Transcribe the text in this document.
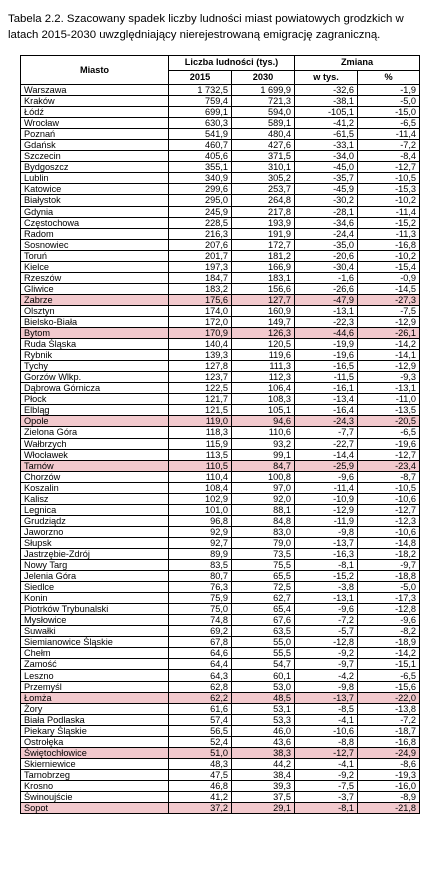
Tabela 2.2. Szacowany spadek liczby ludności miast powiatowych grodzkich w latach 2015-2030 uwzględniający nierejestrowaną emigrację zagraniczną.
Miasto	Liczba ludności (tys.)		Zmiana	
	2015	2030	w tys.	%
Warszawa	1 732,5	1 699,9	-32,6	-1,9
Kraków	759,4	721,3	-38,1	-5,0
Łódź	699,1	594,0	-105,1	-15,0
Wrocław	630,3	589,1	-41,2	-6,5
Poznań	541,9	480,4	-61,5	-11,4
Gdańsk	460,7	427,6	-33,1	-7,2
Szczecin	405,6	371,5	-34,0	-8,4
Bydgoszcz	355,1	310,1	-45,0	-12,7
Lublin	340,9	305,2	-35,7	-10,5
Katowice	299,6	253,7	-45,9	-15,3
Białystok	295,0	264,8	-30,2	-10,2
Gdynia	245,9	217,8	-28,1	-11,4
Częstochowa	228,5	193,9	-34,6	-15,2
Radom	216,3	191,9	-24,4	-11,3
Sosnowiec	207,6	172,7	-35,0	-16,8
Toruń	201,7	181,2	-20,6	-10,2
Kielce	197,3	166,9	-30,4	-15,4
Rzeszów	184,7	183,1	-1,6	-0,9
Gliwice	183,2	156,6	-26,6	-14,5
Zabrze	175,6	127,7	-47,9	-27,3
Olsztyn	174,0	160,9	-13,1	-7,5
Bielsko-Biała	172,0	149,7	-22,3	-12,9
Bytom	170,9	126,3	-44,6	-26,1
Ruda Śląska	140,4	120,5	-19,9	-14,2
Rybnik	139,3	119,6	-19,6	-14,1
Tychy	127,8	111,3	-16,5	-12,9
Gorzów Wlkp.	123,7	112,3	-11,5	-9,3
Dąbrowa Górnicza	122,5	106,4	-16,1	-13,1
Płock	121,7	108,3	-13,4	-11,0
Elbląg	121,5	105,1	-16,4	-13,5
Opole	119,0	94,6	-24,3	-20,5
Zielona Góra	118,3	110,6	-7,7	-6,5
Wałbrzych	115,9	93,2	-22,7	-19,6
Włocławek	113,5	99,1	-14,4	-12,7
Tarnów	110,5	84,7	-25,9	-23,4
Chorzów	110,4	100,8	-9,6	-8,7
Koszalin	108,4	97,0	-11,4	-10,5
Kalisz	102,9	92,0	-10,9	-10,6
Legnica	101,0	88,1	-12,9	-12,7
Grudziądz	96,8	84,8	-11,9	-12,3
Jaworzno	92,9	83,0	-9,8	-10,6
Słupsk	92,7	79,0	-13,7	-14,8
Jastrzębie-Zdrój	89,9	73,5	-16,3	-18,2
Nowy Targ	83,5	75,5	-8,1	-9,7
Jelenia Góra	80,7	65,5	-15,2	-18,8
Siedlce	76,3	72,5	-3,8	-5,0
Konin	75,9	62,7	-13,1	-17,3
Piotrków Trybunalski	75,0	65,4	-9,6	-12,8
Mysłowice	74,8	67,6	-7,2	-9,6
Suwałki	69,2	63,5	-5,7	-8,2
Siemianowice Śląskie	67,8	55,0	-12,8	-18,9
Chełm	64,6	55,5	-9,2	-14,2
Zamość	64,4	54,7	-9,7	-15,1
Leszno	64,3	60,1	-4,2	-6,5
Przemyśl	62,8	53,0	-9,8	-15,6
Łomża	62,2	48,5	-13,7	-22,0
Żory	61,6	53,1	-8,5	-13,8
Biała Podlaska	57,4	53,3	-4,1	-7,2
Piekary Śląskie	56,5	46,0	-10,6	-18,7
Ostrołęka	52,4	43,6	-8,8	-16,8
Świętochłowice	51,0	38,3	-12,7	-24,9
Skierniewice	48,3	44,2	-4,1	-8,6
Tarnobrzeg	47,5	38,4	-9,2	-19,3
Krosno	46,8	39,3	-7,5	-16,0
Świnoujście	41,2	37,5	-3,7	-8,9
Sopot	37,2	29,1	-8,1	-21,8
